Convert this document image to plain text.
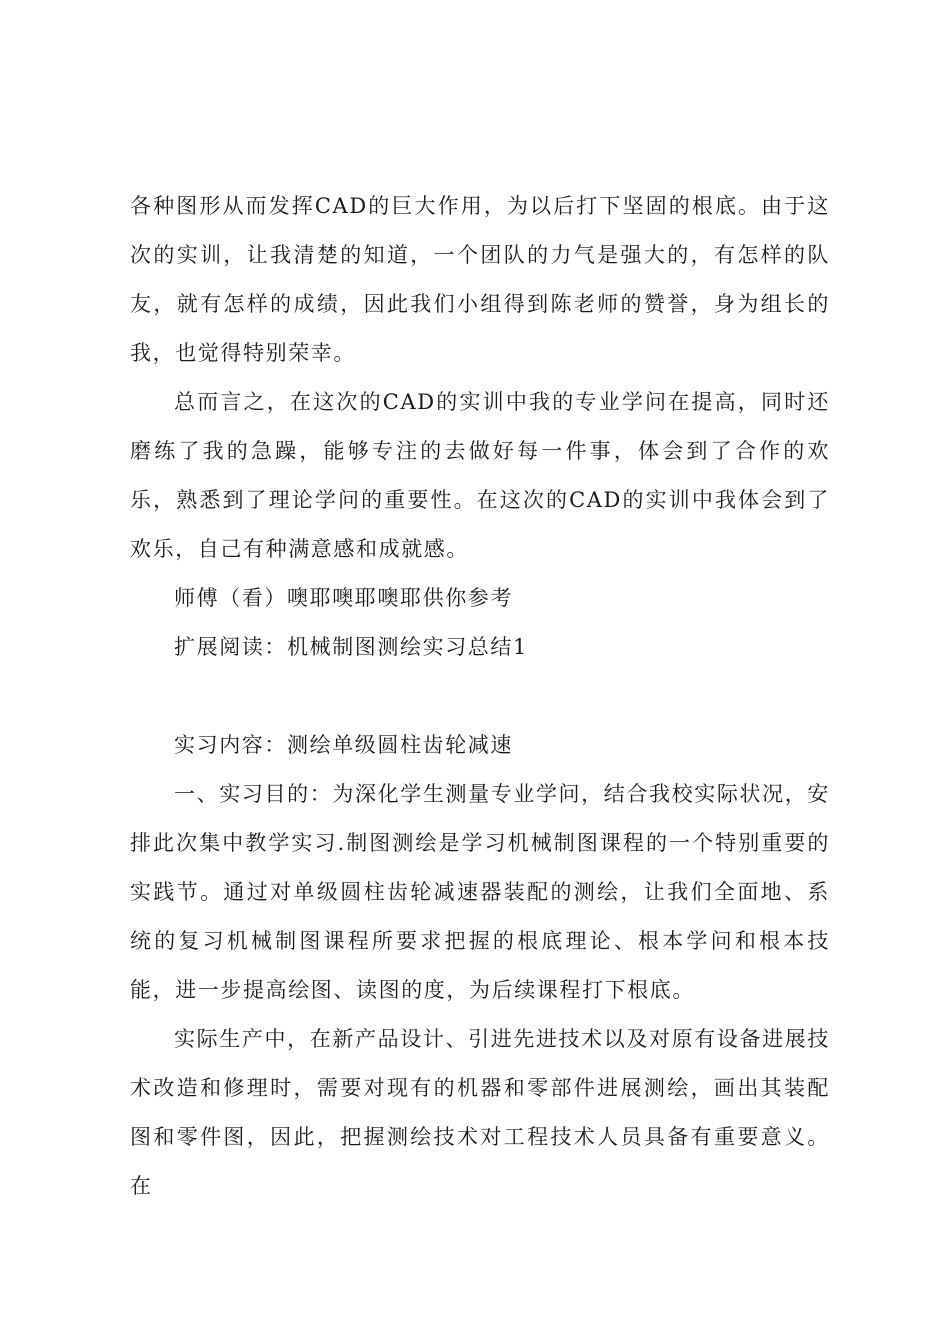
各种图形从而发挥CAD的巨大作用，为以后打下坚固的根底。由于这次的实训，让我清楚的知道，一个团队的力气是强大的，有怎样的队友，就有怎样的成绩，因此我们小组得到陈老师的赞誉，身为组长的我，也觉得特别荣幸。

总而言之，在这次的CAD的实训中我的专业学问在提高，同时还磨练了我的急躁，能够专注的去做好每一件事，体会到了合作的欢乐，熟悉到了理论学问的重要性。在这次的CAD的实训中我体会到了欢乐，自己有种满意感和成就感。

师傅（看）噢耶噢耶噢耶供你参考

扩展阅读：机械制图测绘实习总结1

实习内容：测绘单级圆柱齿轮减速

一、实习目的：为深化学生测量专业学问，结合我校实际状况，安排此次集中教学实习.制图测绘是学习机械制图课程的一个特别重要的实践节。通过对单级圆柱齿轮减速器装配的测绘，让我们全面地、系统的复习机械制图课程所要求把握的根底理论、根本学问和根本技能，进一步提高绘图、读图的度，为后续课程打下根底。

实际生产中，在新产品设计、引进先进技术以及对原有设备进展技术改造和修理时，需要对现有的机器和零部件进展测绘，画出其装配图和零件图，因此，把握测绘技术对工程技术人员具备有重要意义。在
